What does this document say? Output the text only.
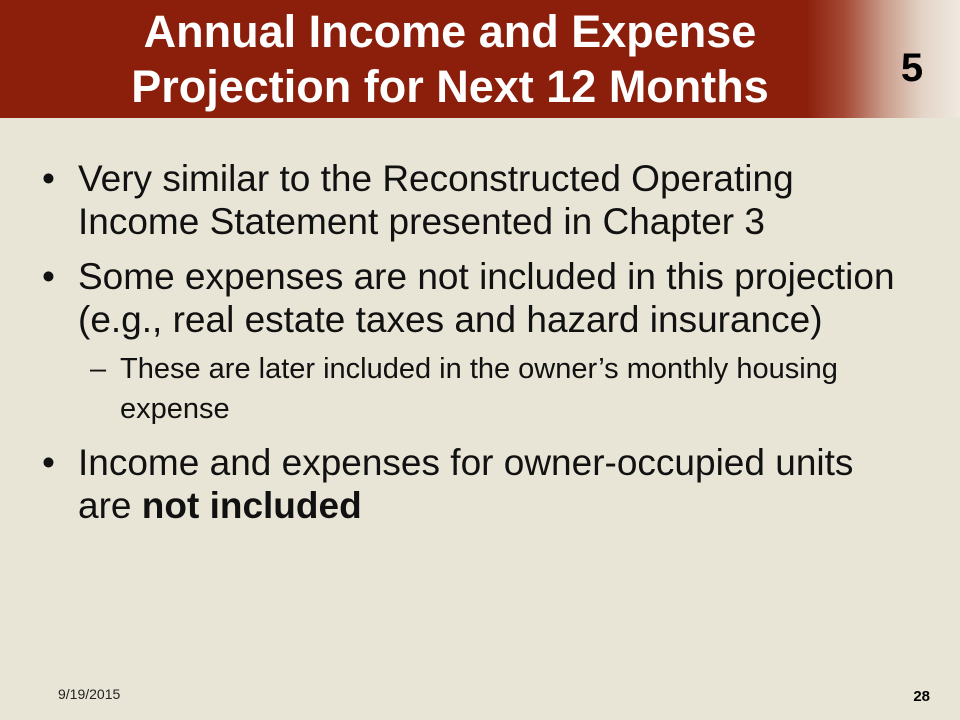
Annual Income and Expense
Projection for Next 12 Months	5
• Very similar to the Reconstructed Operating Income Statement presented in Chapter 3
• Some expenses are not included in this projection (e.g., real estate taxes and hazard insurance)
– These are later included in the owner’s monthly housing expense
• Income and expenses for owner-occupied units are not included
9/19/2015	28
